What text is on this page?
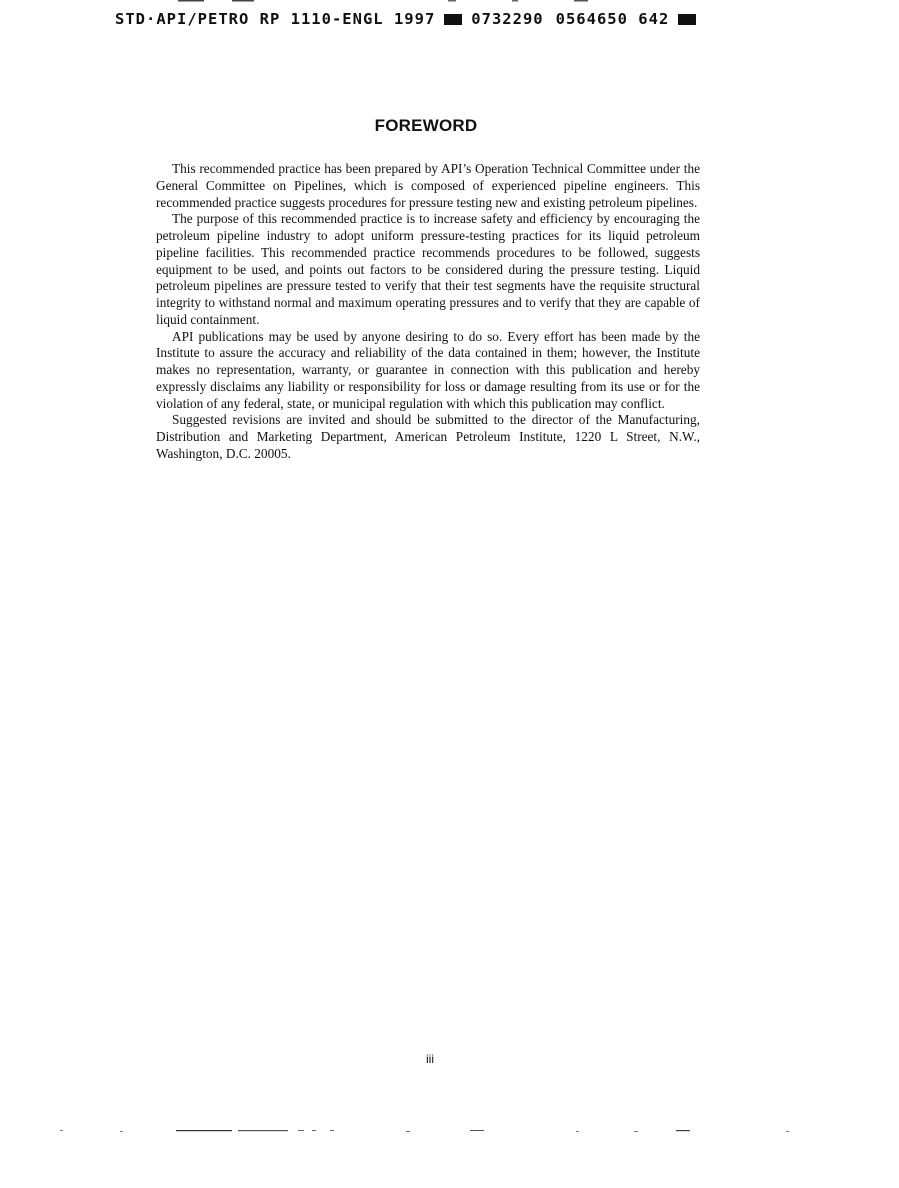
STD·API/PETRO RP 1110-ENGL 1997 0732290 0564650 642
FOREWORD

This recommended practice has been prepared by API’s Operation Technical Committee under the General Committee on Pipelines, which is composed of experienced pipeline engineers. This recommended practice suggests procedures for pressure testing new and existing petroleum pipelines.

The purpose of this recommended practice is to increase safety and efficiency by encouraging the petroleum pipeline industry to adopt uniform pressure-testing practices for its liquid petroleum pipeline facilities. This recommended practice recommends procedures to be followed, suggests equipment to be used, and points out factors to be considered during the pressure testing. Liquid petroleum pipelines are pressure tested to verify that their test segments have the requisite structural integrity to withstand normal and maximum operating pressures and to verify that they are capable of liquid containment.

API publications may be used by anyone desiring to do so. Every effort has been made by the Institute to assure the accuracy and reliability of the data contained in them; however, the Institute makes no representation, warranty, or guarantee in connection with this publication and hereby expressly disclaims any liability or responsibility for loss or damage resulting from its use or for the violation of any federal, state, or municipal regulation with which this publication may conflict.

Suggested revisions are invited and should be submitted to the director of the Manufacturing, Distribution and Marketing Department, American Petroleum Institute, 1220 L Street, N.W., Washington, D.C. 20005.

iii
